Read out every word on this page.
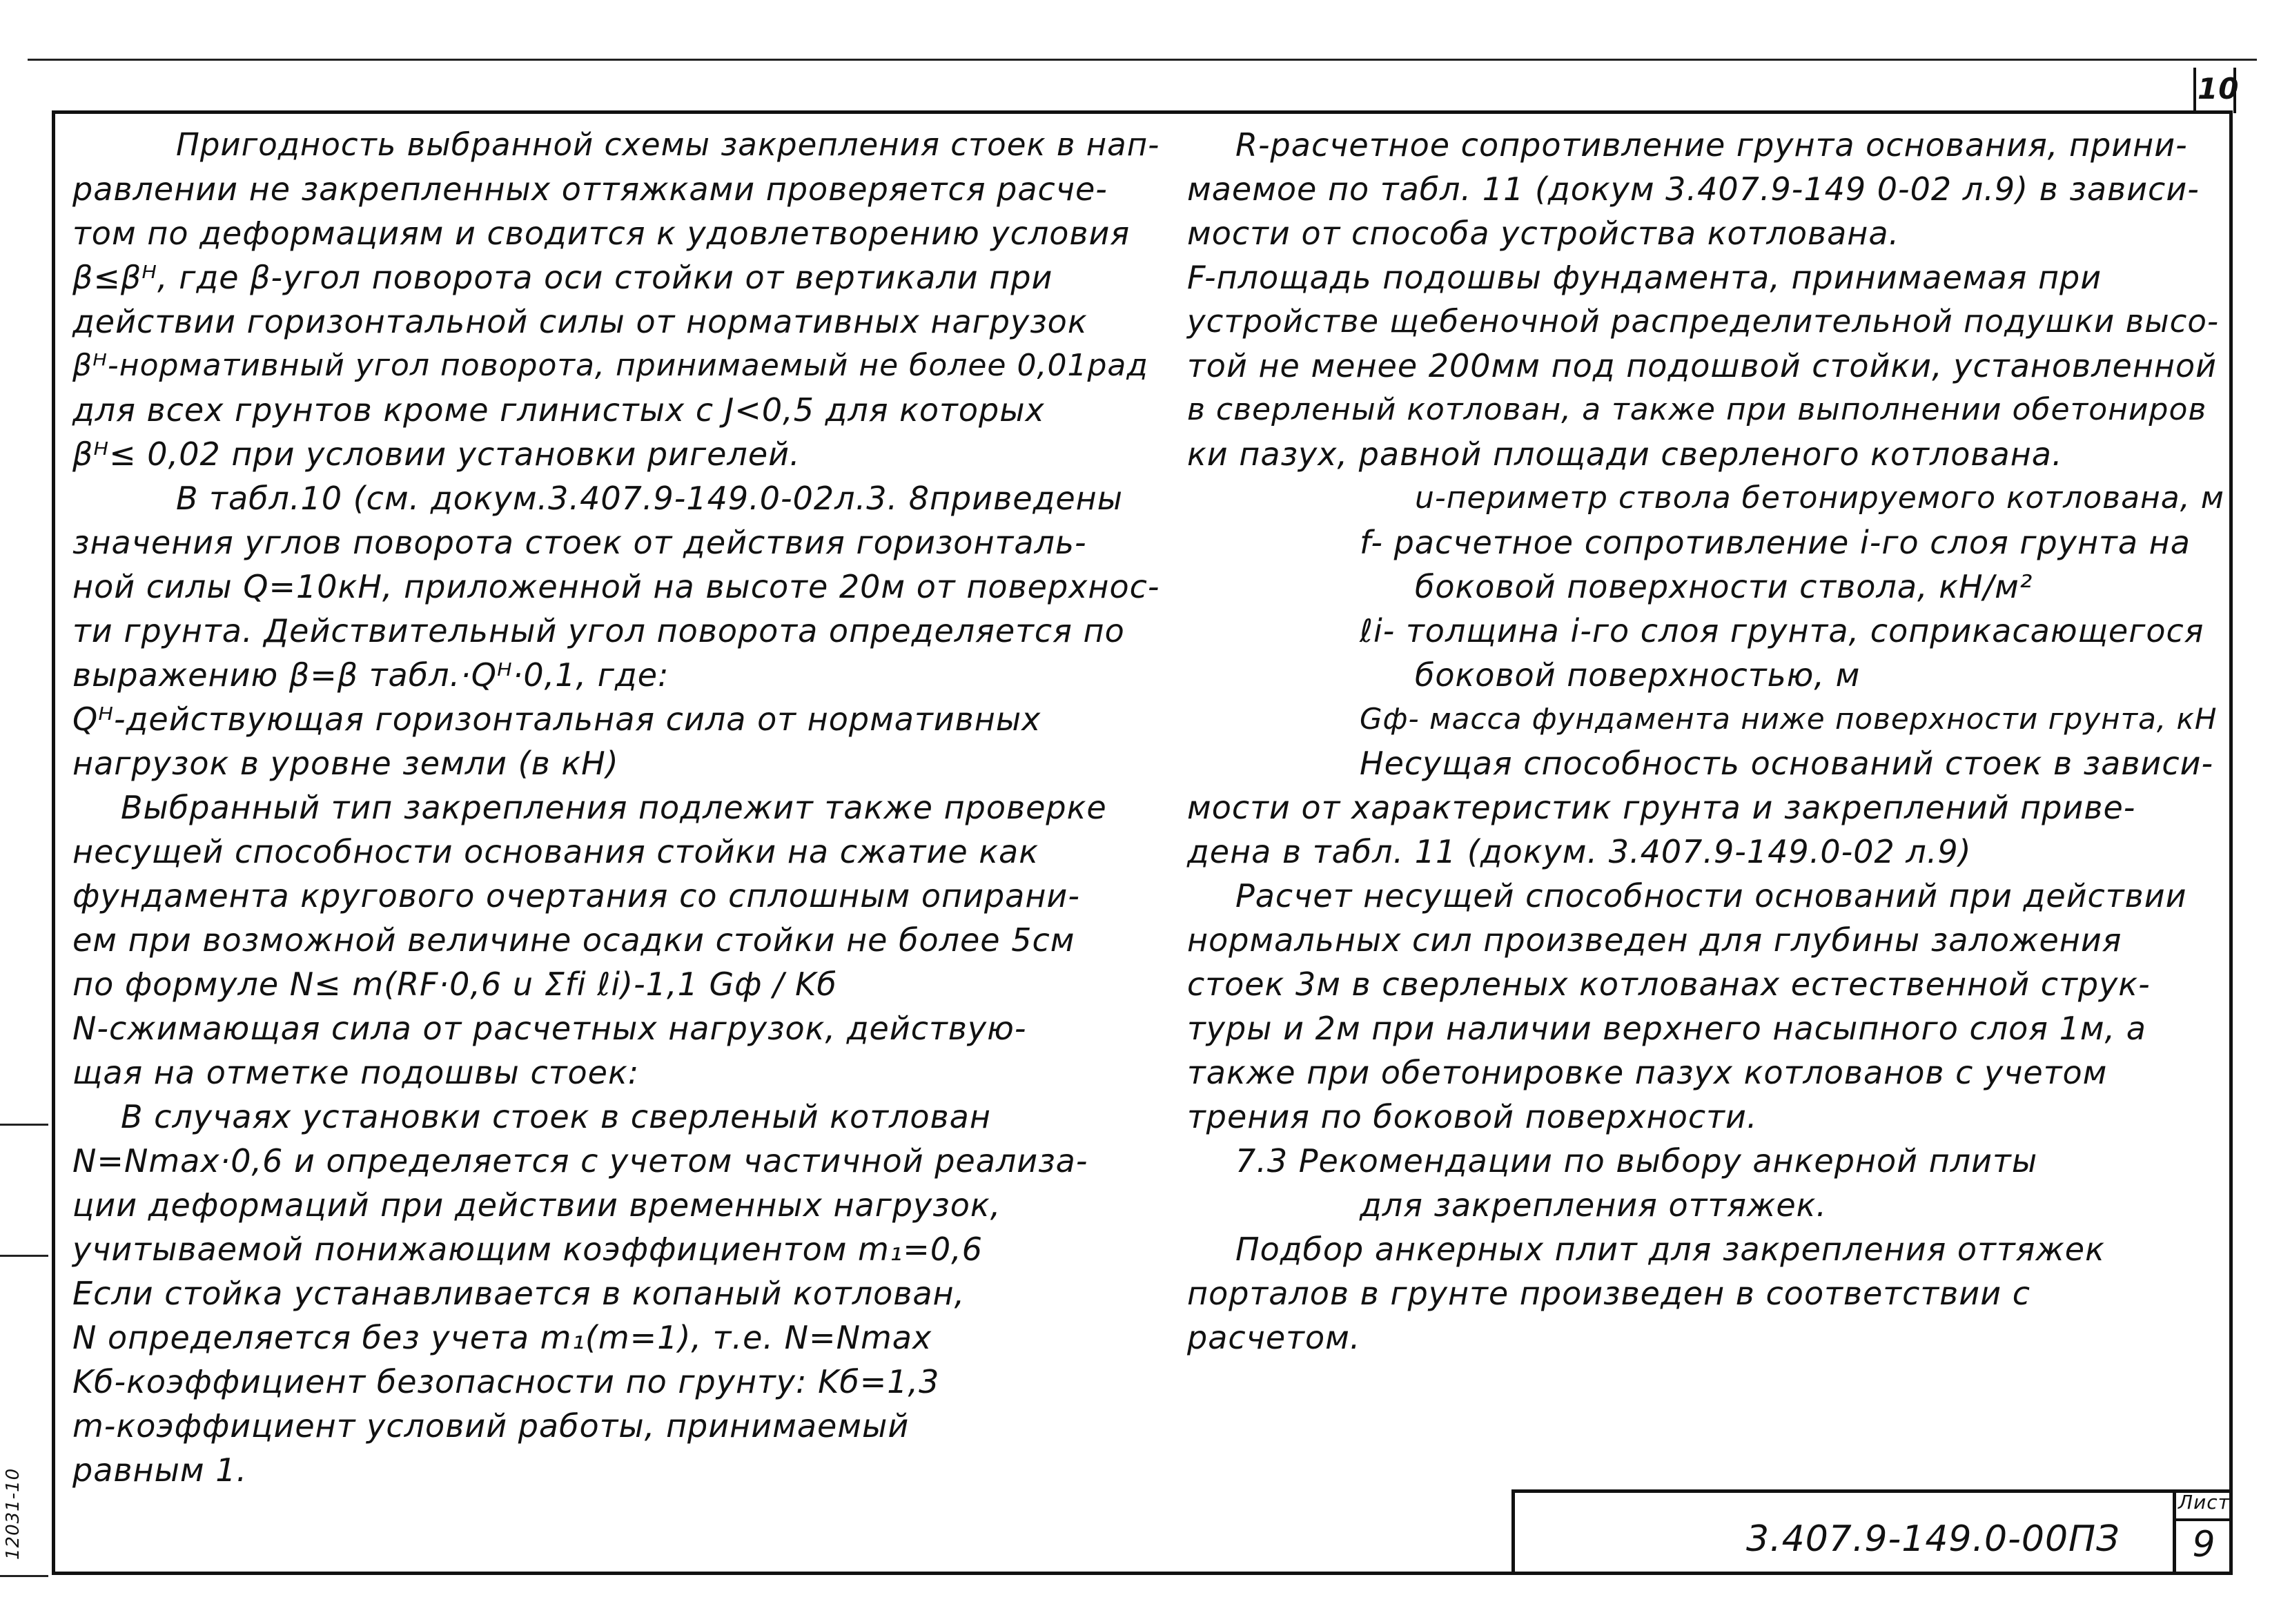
10
12031-10
Пригодность выбранной схемы закрепления стоек в нап-
равлении не закрепленных оттяжками проверяется расче-
том по деформациям и сводится к удовлетворению условия
β≤βᴴ, где β-угол поворота оси стойки от вертикали при
действии горизонтальной силы от нормативных нагрузок
βᴴ-нормативный угол поворота, принимаемый не более 0,01рад
для всех грунтов кроме глинистых с J<0,5 для которых
βᴴ≤ 0,02 при условии установки ригелей.
В табл.10 (см. докум.3.407.9-149.0-02л.3. 8приведены
значения углов поворота стоек от действия горизонталь-
ной силы Q=10кН, приложенной на высоте 20м от поверхнос-
ти грунта. Действительный угол поворота определяется по
выражению β=β табл.·Qᴴ·0,1, где:
Qᴴ-действующая горизонтальная сила от нормативных
нагрузок в уровне земли (в кН)
Выбранный тип закрепления подлежит также проверке
несущей способности основания стойки на сжатие как
фундамента кругового очертания со сплошным опирани-
ем при возможной величине осадки стойки не более 5см
по формуле N≤ m(RF·0,6 u Σfi ℓi)-1,1 Gф / Kб
N-сжимающая сила от расчетных нагрузок, действую-
щая на отметке подошвы стоек:
В случаях установки стоек в сверленый котлован
N=Nmax·0,6 и определяется с учетом частичной реализа-
ции деформаций при действии временных нагрузок,
учитываемой понижающим коэффициентом m₁=0,6
Если стойка устанавливается в копаный котлован,
N определяется без учета m₁(m=1), т.е. N=Nmax
Kб-коэффициент безопасности по грунту: Kб=1,3
m-коэффициент условий работы, принимаемый
равным 1.
R-расчетное сопротивление грунта основания, прини-
маемое по табл. 11 (докум 3.407.9-149 0-02 л.9) в зависи-
мости от способа устройства котлована.
F-площадь подошвы фундамента, принимаемая при
устройстве щебеночной распределительной подушки высо-
той не менее 200мм под подошвой стойки, установленной
в сверленый котлован, а также при выполнении обетониров
ки пазух, равной площади сверленого котлована.
u-периметр ствола бетонируемого котлована, м
f- расчетное сопротивление i-го слоя грунта на
боковой поверхности ствола, кН/м²
ℓi- толщина i-го слоя грунта, соприкасающегося
боковой поверхностью, м
Gф- масса фундамента ниже поверхности грунта, кН
Несущая способность оснований стоек в зависи-
мости от характеристик грунта и закреплений приве-
дена в табл. 11 (докум. 3.407.9-149.0-02 л.9)
Расчет несущей способности оснований при действии
нормальных сил произведен для глубины заложения
стоек 3м в сверленых котлованах естественной струк-
туры и 2м при наличии верхнего насыпного слоя 1м, а
также при обетонировке пазух котлованов с учетом
трения по боковой поверхности.
7.3 Рекомендации по выбору анкерной плиты
для закрепления оттяжек.
Подбор анкерных плит для закрепления оттяжек
порталов в грунте произведен в соответствии с
расчетом.
3.407.9-149.0-00ПЗ
Лист
9
